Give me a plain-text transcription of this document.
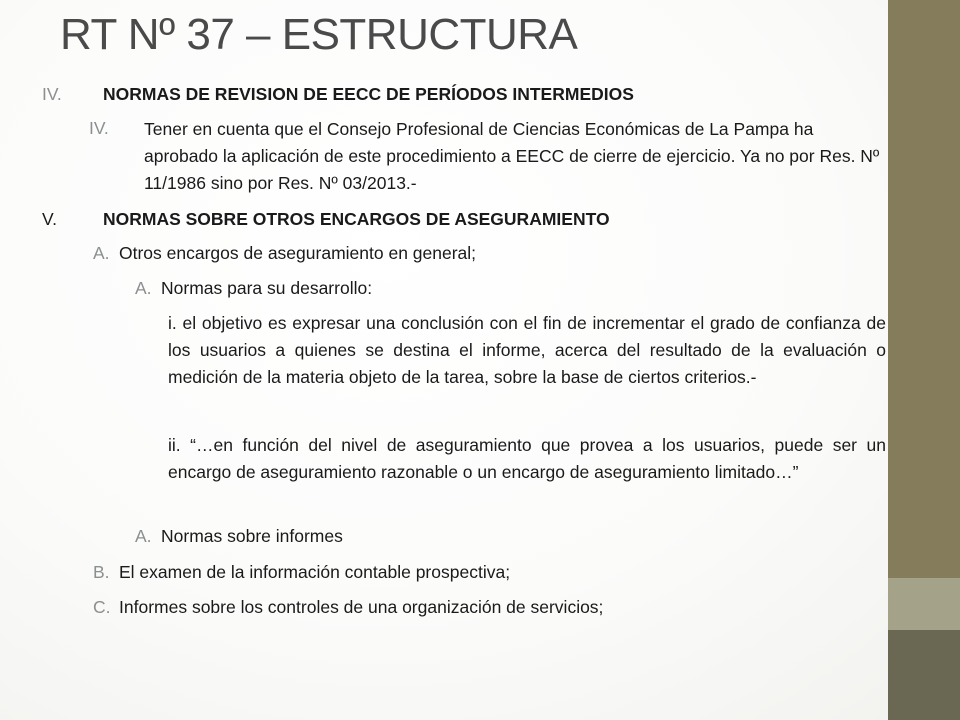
RT Nº 37 – ESTRUCTURA
IV. NORMAS DE REVISION DE EECC DE PERÍODOS INTERMEDIOS
IV. Tener en cuenta que el Consejo Profesional de Ciencias Económicas de La Pampa ha aprobado la aplicación de este procedimiento a EECC de cierre de ejercicio. Ya no por Res. Nº 11/1986 sino por Res. Nº 03/2013.-
V.	NORMAS SOBRE OTROS ENCARGOS DE ASEGURAMIENTO
A. Otros encargos de aseguramiento en general;
A. Normas para su desarrollo:
i. el objetivo es expresar una conclusión con el fin de incrementar el grado de confianza de los usuarios a quienes se destina el informe, acerca del resultado de la evaluación o medición de la materia objeto de la tarea, sobre la base de ciertos criterios.-
ii. “…en función del nivel de aseguramiento que provea a los usuarios, puede ser un encargo de aseguramiento razonable o un encargo de aseguramiento limitado…”
A. Normas sobre informes
B. El examen de la información contable prospectiva;
C. Informes sobre los controles de una organización de servicios;
